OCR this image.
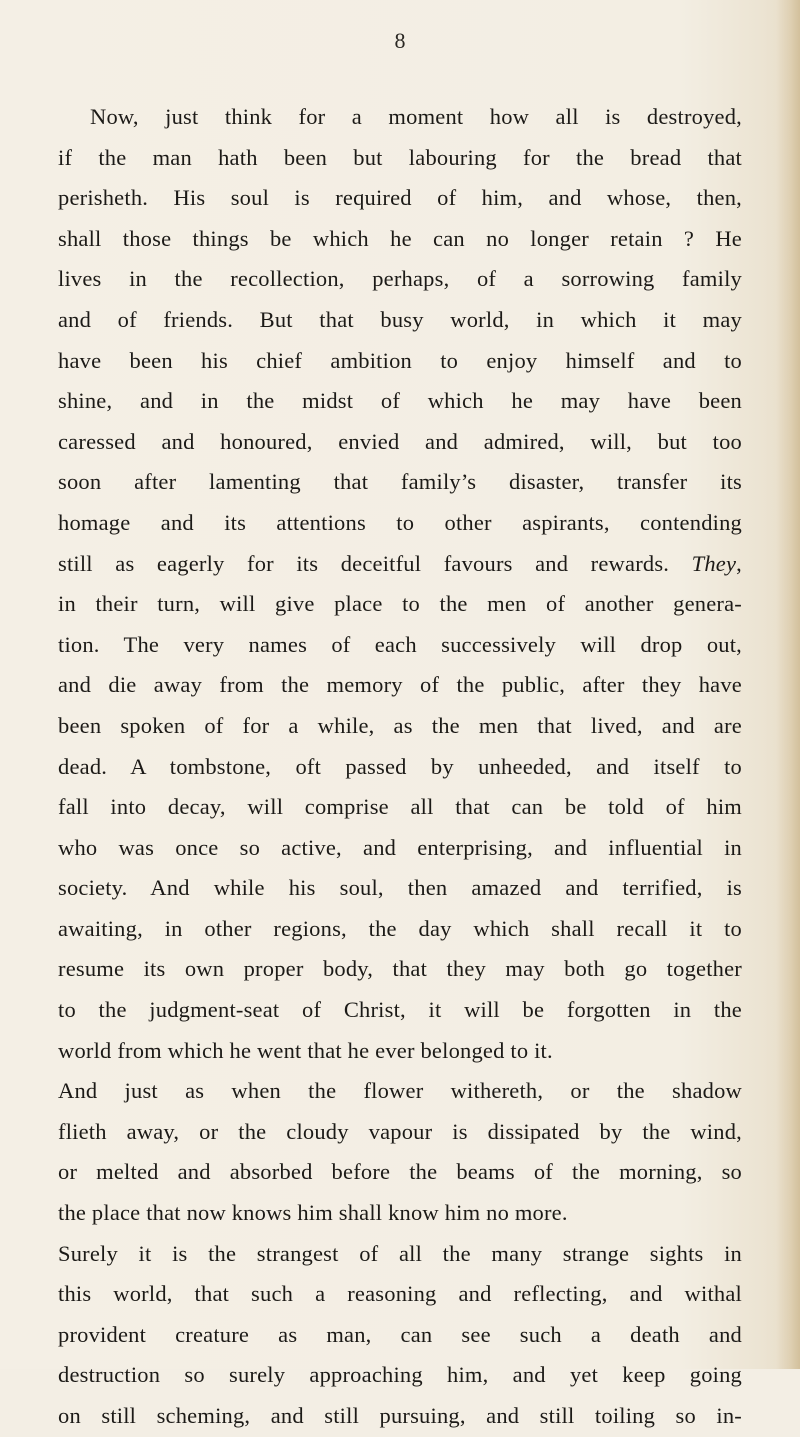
8
Now, just think for a moment how all is destroyed,
if the man hath been but labouring for the bread that
perisheth. His soul is required of him, and whose, then,
shall those things be which he can no longer retain ? He
lives in the recollection, perhaps, of a sorrowing family
and of friends. But that busy world, in which it may
have been his chief ambition to enjoy himself and to
shine, and in the midst of which he may have been
caressed and honoured, envied and admired, will, but too
soon after lamenting that family’s disaster, transfer its
homage and its attentions to other aspirants, contending
still as eagerly for its deceitful favours and rewards. They,
in their turn, will give place to the men of another genera-
tion. The very names of each successively will drop out,
and die away from the memory of the public, after they have
been spoken of for a while, as the men that lived, and are
dead. A tombstone, oft passed by unheeded, and itself to
fall into decay, will comprise all that can be told of him
who was once so active, and enterprising, and influential in
society. And while his soul, then amazed and terrified, is
awaiting, in other regions, the day which shall recall it to
resume its own proper body, that they may both go together
to the judgment-seat of Christ, it will be forgotten in the
world from which he went that he ever belonged to it.
And just as when the flower withereth, or the shadow
flieth away, or the cloudy vapour is dissipated by the wind,
or melted and absorbed before the beams of the morning, so
the place that now knows him shall know him no more.
Surely it is the strangest of all the many strange sights in
this world, that such a reasoning and reflecting, and withal
provident creature as man, can see such a death and
destruction so surely approaching him, and yet keep going
on still scheming, and still pursuing, and still toiling so in-
